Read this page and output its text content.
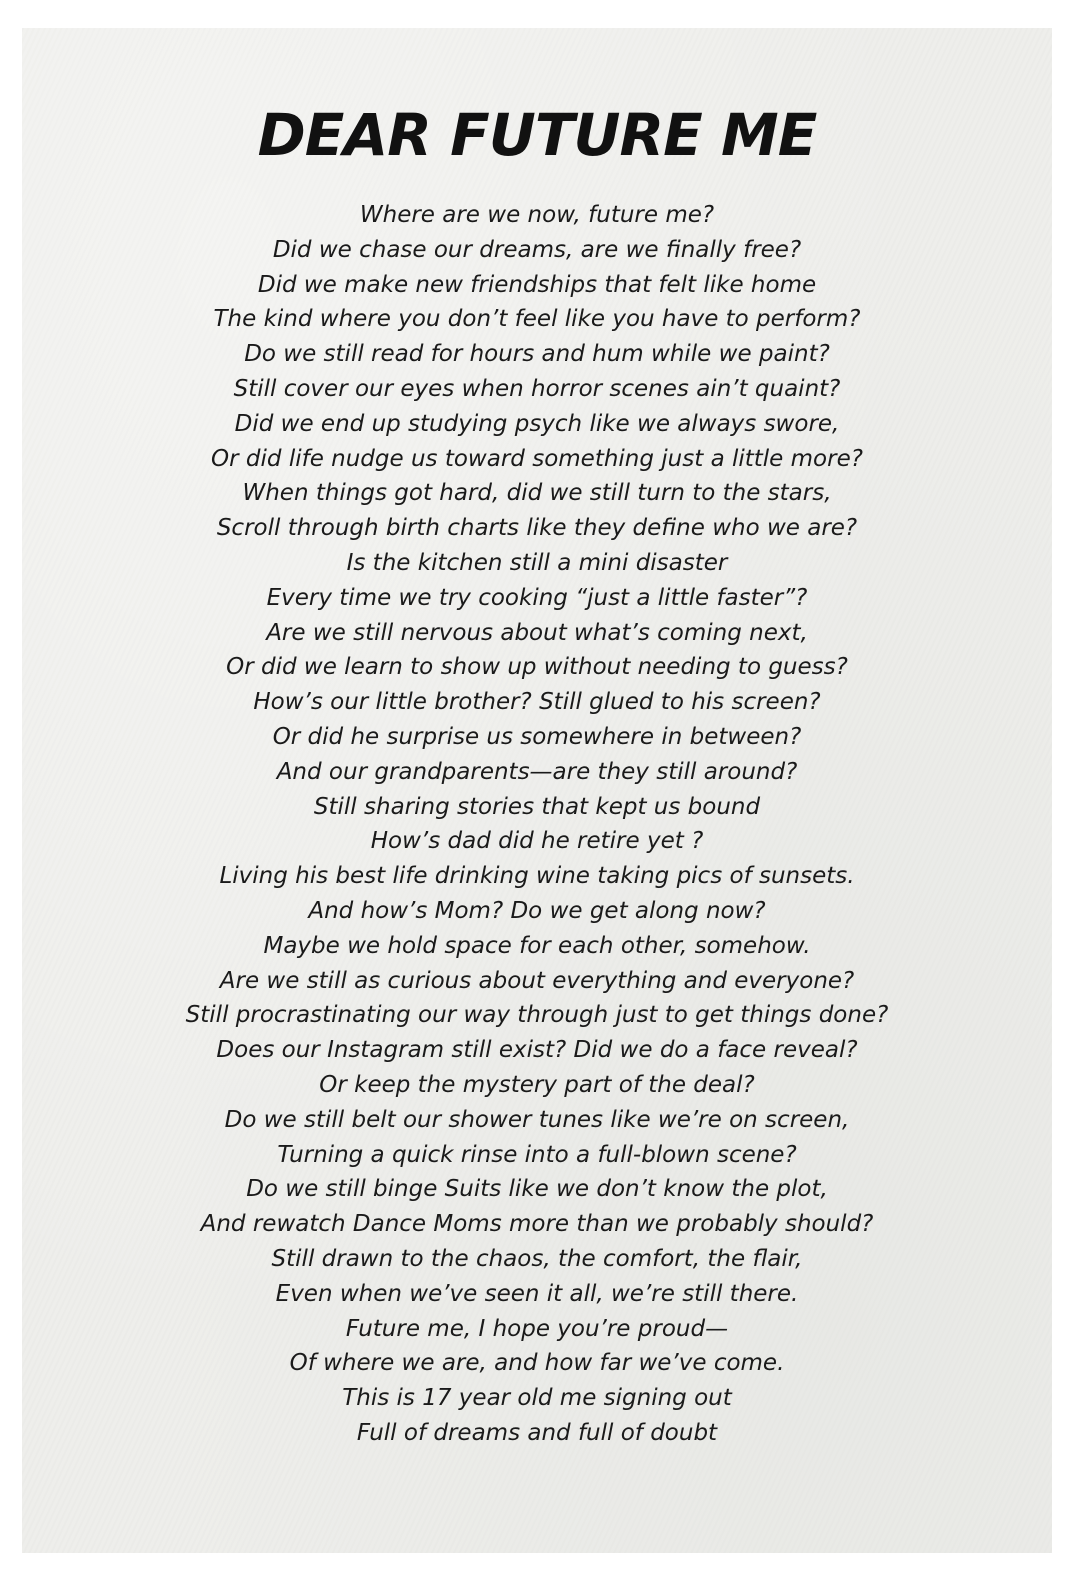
DEAR FUTURE ME
Where are we now, future me?
Did we chase our dreams, are we finally free?
Did we make new friendships that felt like home
The kind where you don’t feel like you have to perform?
Do we still read for hours and hum while we paint?
Still cover our eyes when horror scenes ain’t quaint?
Did we end up studying psych like we always swore,
Or did life nudge us toward something just a little more?
When things got hard, did we still turn to the stars,
Scroll through birth charts like they define who we are?
Is the kitchen still a mini disaster
Every time we try cooking “just a little faster”?
Are we still nervous about what’s coming next,
Or did we learn to show up without needing to guess?
How’s our little brother? Still glued to his screen?
Or did he surprise us somewhere in between?
And our grandparents—are they still around?
Still sharing stories that kept us bound
How’s dad did he retire yet ?
Living his best life drinking wine taking pics of sunsets.
And how’s Mom? Do we get along now?
Maybe we hold space for each other, somehow.
Are we still as curious about everything and everyone?
Still procrastinating our way through just to get things done?
Does our Instagram still exist? Did we do a face reveal?
Or keep the mystery part of the deal?
Do we still belt our shower tunes like we’re on screen,
Turning a quick rinse into a full-blown scene?
Do we still binge Suits like we don’t know the plot,
And rewatch Dance Moms more than we probably should?
Still drawn to the chaos, the comfort, the flair,
Even when we’ve seen it all, we’re still there.
Future me, I hope you’re proud—
Of where we are, and how far we’ve come.
This is 17 year old me signing out
Full of dreams and full of doubt
